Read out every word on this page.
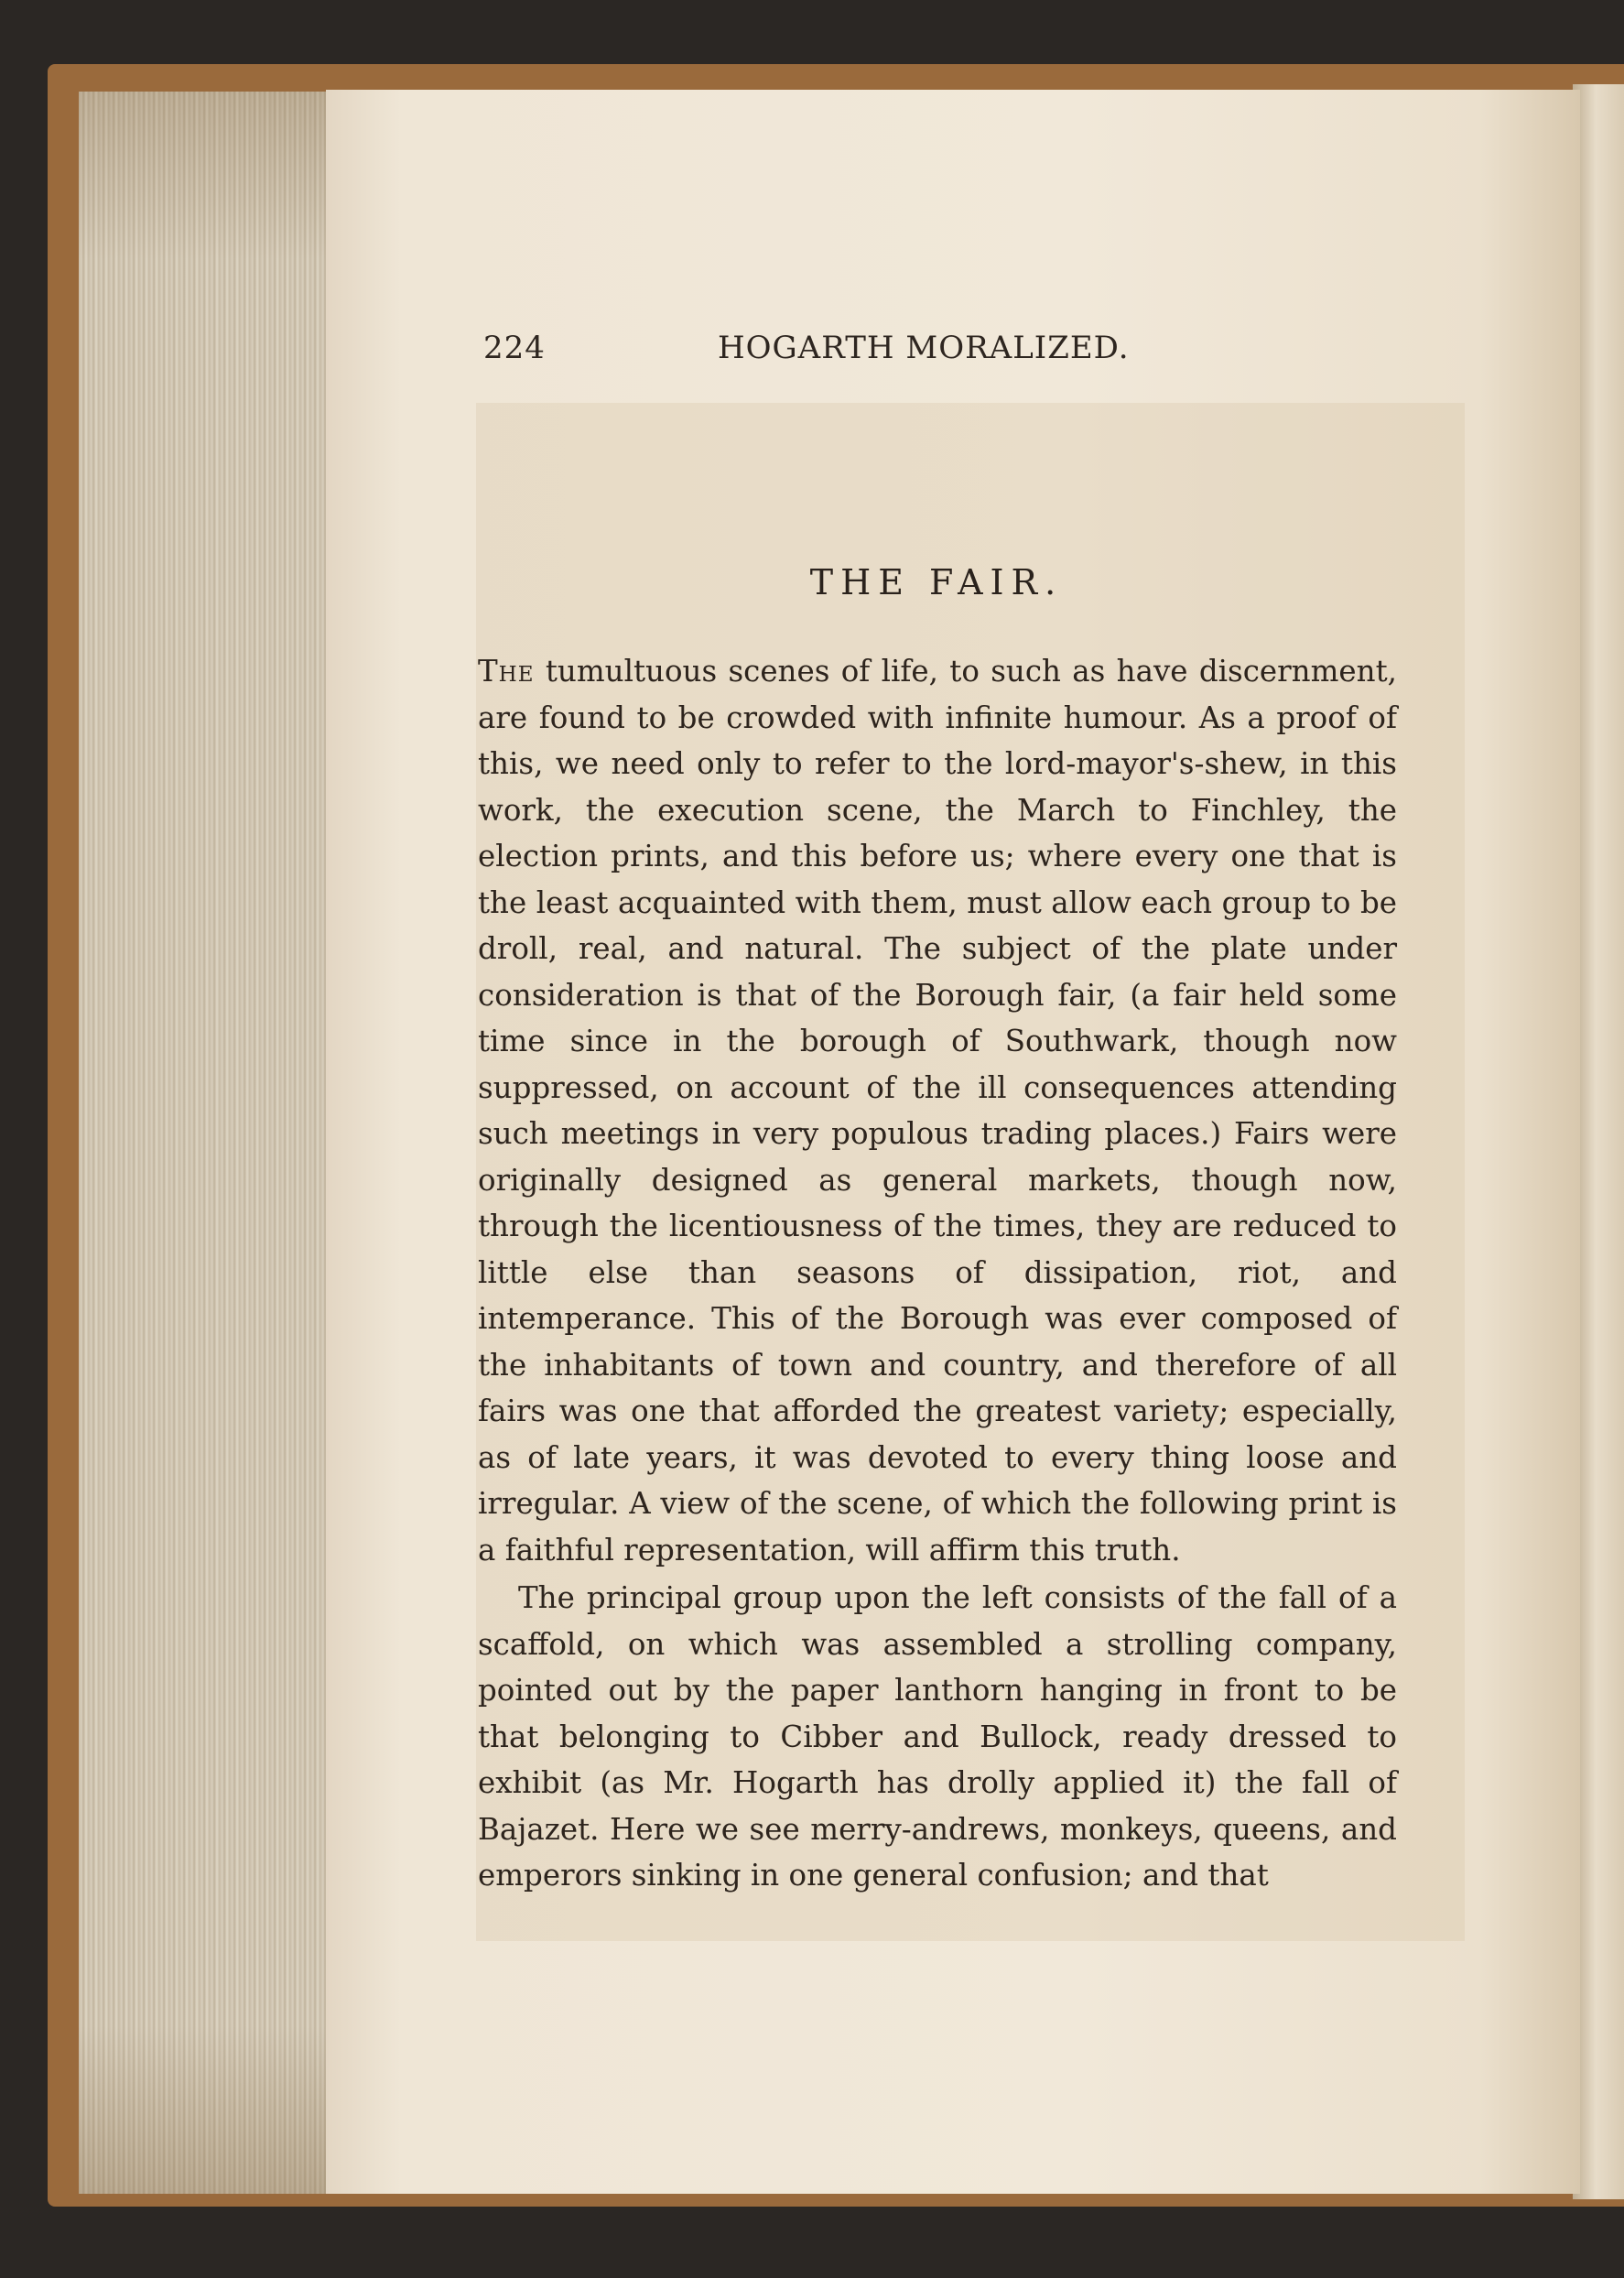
224	HOGARTH MORALIZED.
THE FAIR.

The tumultuous scenes of life, to such as have discernment, are found to be crowded with infinite humour. As a proof of this, we need only to refer to the lord-mayor's-shew, in this work, the execution scene, the March to Finchley, the election prints, and this before us; where every one that is the least acquainted with them, must allow each group to be droll, real, and natural. The subject of the plate under consideration is that of the Borough fair, (a fair held some time since in the borough of Southwark, though now suppressed, on account of the ill consequences attending such meetings in very populous trading places.) Fairs were originally designed as general markets, though now, through the licentiousness of the times, they are reduced to little else than seasons of dissipation, riot, and intemperance. This of the Borough was ever composed of the inhabitants of town and country, and therefore of all fairs was one that afforded the greatest variety; especially, as of late years, it was devoted to every thing loose and irregular. A view of the scene, of which the following print is a faithful representation, will affirm this truth.

The principal group upon the left consists of the fall of a scaffold, on which was assembled a strolling company, pointed out by the paper lanthorn hanging in front to be that belonging to Cibber and Bullock, ready dressed to exhibit (as Mr. Hogarth has drolly applied it) the fall of Bajazet. Here we see merry-andrews, monkeys, queens, and emperors sinking in one general confusion; and that
